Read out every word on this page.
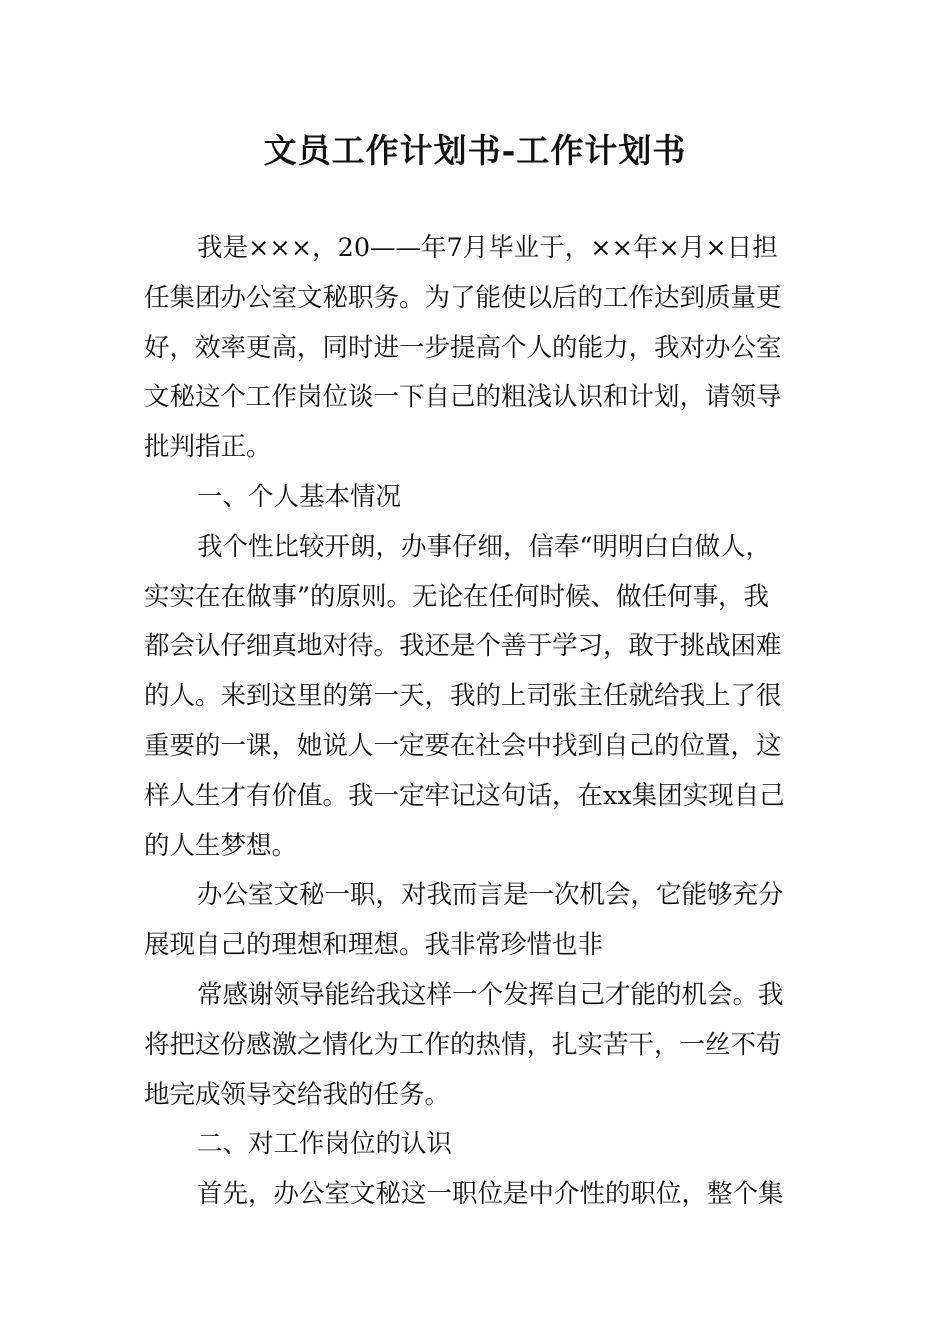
文员工作计划书-工作计划书
我是×××，20——年7月毕业于，××年×月×日担
任集团办公室文秘职务。为了能使以后的工作达到质量更
好，效率更高，同时进一步提高个人的能力，我对办公室
文秘这个工作岗位谈一下自己的粗浅认识和计划，请领导
批判指正。
一、个人基本情况
我个性比较开朗，办事仔细，信奉“明明白白做人，
实实在在做事”的原则。无论在任何时候、做任何事，我
都会认仔细真地对待。我还是个善于学习，敢于挑战困难
的人。来到这里的第一天，我的上司张主任就给我上了很
重要的一课，她说人一定要在社会中找到自己的位置，这
样人生才有价值。我一定牢记这句话，在xx集团实现自己
的人生梦想。
办公室文秘一职，对我而言是一次机会，它能够充分
展现自己的理想和理想。我非常珍惜也非
常感谢领导能给我这样一个发挥自己才能的机会。我
将把这份感激之情化为工作的热情，扎实苦干，一丝不苟
地完成领导交给我的任务。
二、对工作岗位的认识
首先，办公室文秘这一职位是中介性的职位，整个集
